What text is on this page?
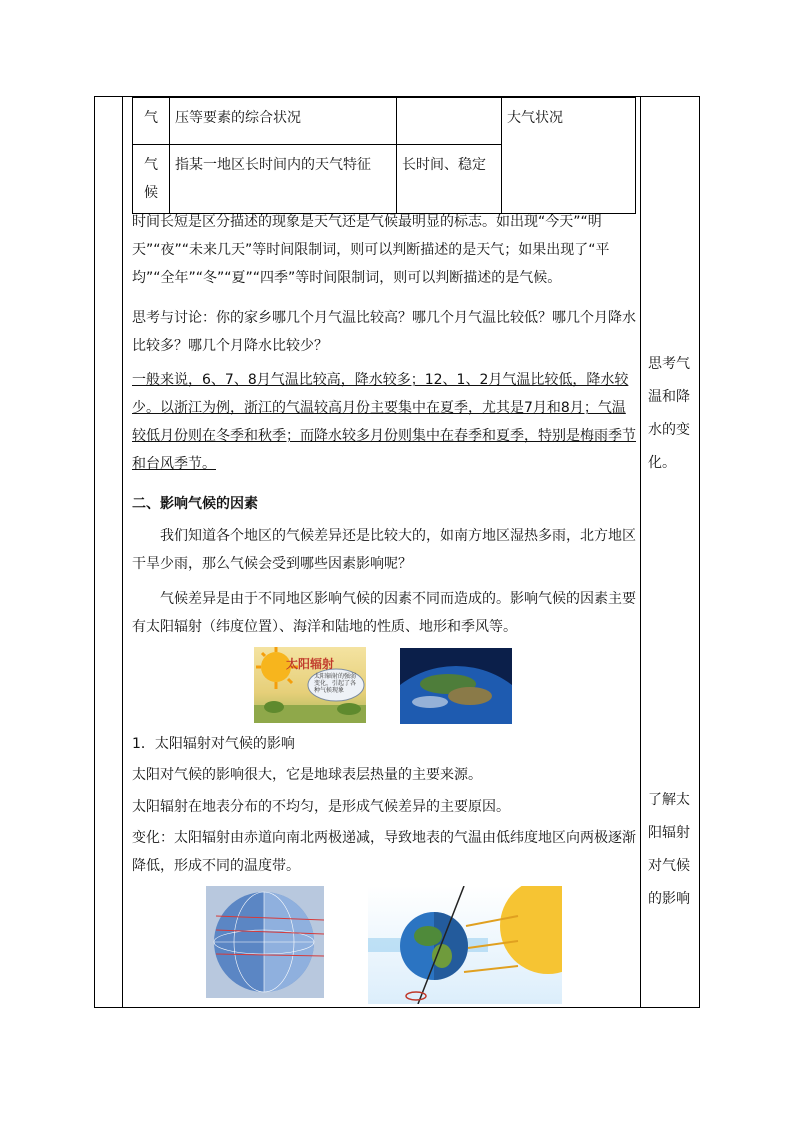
气	压等要素的综合状况		大气状况

气
候	指某一地区长时间内的天气特征	长时间、稳定	
时间长短是区分描述的现象是天气还是气候最明显的标志。如出现“今天”“明天”“夜”“未来几天”等时间限制词，则可以判断描述的是天气；如果出现了“平均”“全年”“冬”“夏”“四季”等时间限制词，则可以判断描述的是气候。
思考与讨论：你的家乡哪几个月气温比较高？哪几个月气温比较低？哪几个月降水比较多？哪几个月降水比较少？
一般来说，6、7、8月气温比较高，降水较多；12、1、2月气温比较低，降水较少。以浙江为例，浙江的气温较高月份主要集中在夏季，尤其是7月和8月；气温较低月份则在冬季和秋季；而降水较多月份则集中在春季和夏季，特别是梅雨季节和台风季节。
二、影响气候的因素
我们知道各个地区的气候差异还是比较大的，如南方地区湿热多雨，北方地区干旱少雨，那么气候会受到哪些因素影响呢？
气候差异是由于不同地区影响气候的因素不同而造成的。影响气候的因素主要有太阳辐射（纬度位置）、海洋和陆地的性质、地形和季风等。
太阳辐射
太阳辐射的强弱变化，引起了各种气候现象
1．太阳辐射对气候的影响
太阳对气候的影响很大，它是地球表层热量的主要来源。
太阳辐射在地表分布的不均匀，是形成气候差异的主要原因。
变化：太阳辐射由赤道向南北两极递减，导致地表的气温由低纬度地区向两极逐渐降低，形成不同的温度带。
思考气温和降水的变化。
了解太阳辐射对气候的影响
